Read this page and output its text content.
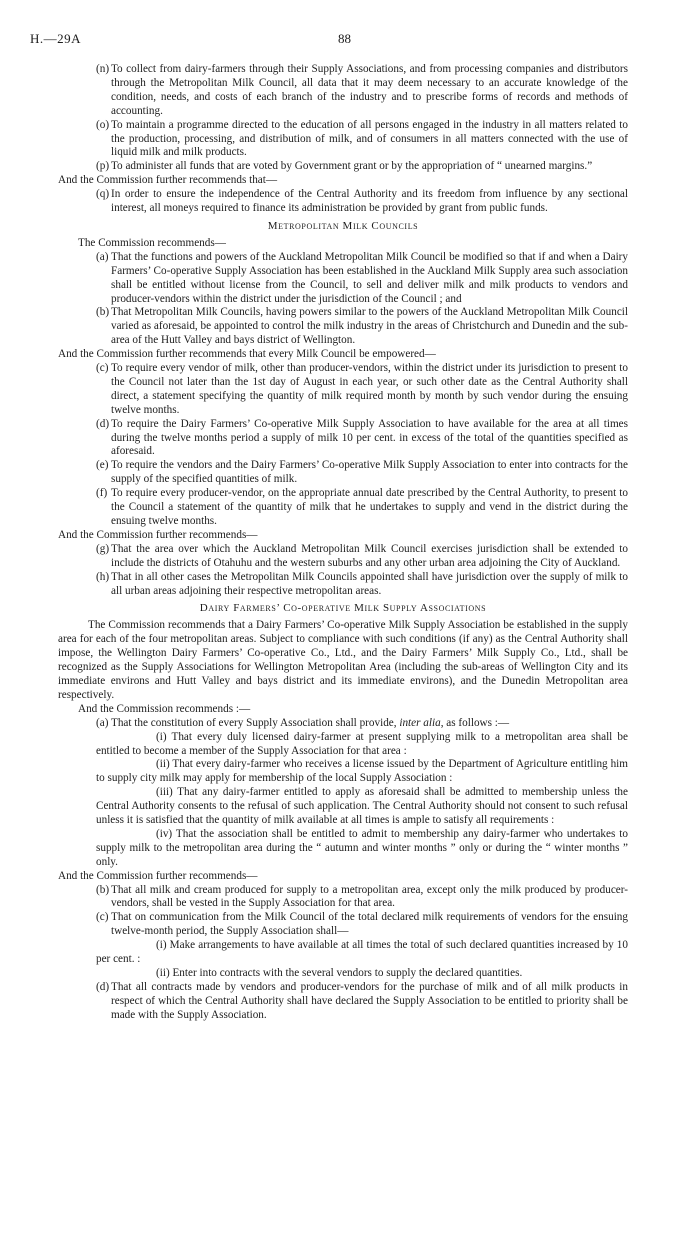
H.—29A	88
(n) To collect from dairy-farmers through their Supply Associations, and from processing companies and distributors through the Metropolitan Milk Council, all data that it may deem necessary to an accurate knowledge of the condition, needs, and costs of each branch of the industry and to prescribe forms of records and methods of accounting.
(o) To maintain a programme directed to the education of all persons engaged in the industry in all matters related to the production, processing, and distribution of milk, and of consumers in all matters connected with the use of liquid milk and milk products.
(p) To administer all funds that are voted by Government grant or by the appropriation of “ unearned margins.”
And the Commission further recommends that—
(q) In order to ensure the independence of the Central Authority and its freedom from influence by any sectional interest, all moneys required to finance its administration be provided by grant from public funds.
Metropolitan Milk Councils
The Commission recommends—
(a) That the functions and powers of the Auckland Metropolitan Milk Council be modified so that if and when a Dairy Farmers’ Co-operative Supply Association has been established in the Auckland Milk Supply area such association shall be entitled without license from the Council, to sell and deliver milk and milk products to vendors and producer-vendors within the district under the jurisdiction of the Council ; and
(b) That Metropolitan Milk Councils, having powers similar to the powers of the Auckland Metropolitan Milk Council varied as aforesaid, be appointed to control the milk industry in the areas of Christchurch and Dunedin and the sub-area of the Hutt Valley and bays district of Wellington.
And the Commission further recommends that every Milk Council be empowered—
(c) To require every vendor of milk, other than producer-vendors, within the district under its jurisdiction to present to the Council not later than the 1st day of August in each year, or such other date as the Central Authority shall direct, a statement specifying the quantity of milk required month by month by such vendor during the ensuing twelve months.
(d) To require the Dairy Farmers’ Co-operative Milk Supply Association to have available for the area at all times during the twelve months period a supply of milk 10 per cent. in excess of the total of the quantities specified as aforesaid.
(e) To require the vendors and the Dairy Farmers’ Co-operative Milk Supply Association to enter into contracts for the supply of the specified quantities of milk.
(f) To require every producer-vendor, on the appropriate annual date prescribed by the Central Authority, to present to the Council a statement of the quantity of milk that he undertakes to supply and vend in the district during the ensuing twelve months.
And the Commission further recommends—
(g) That the area over which the Auckland Metropolitan Milk Council exercises jurisdiction shall be extended to include the districts of Otahuhu and the western suburbs and any other urban area adjoining the City of Auckland.
(h) That in all other cases the Metropolitan Milk Councils appointed shall have jurisdiction over the supply of milk to all urban areas adjoining their respective metropolitan areas.
Dairy Farmers’ Co-operative Milk Supply Associations
The Commission recommends that a Dairy Farmers’ Co-operative Milk Supply Association be established in the supply area for each of the four metropolitan areas. Subject to compliance with such conditions (if any) as the Central Authority shall impose, the Wellington Dairy Farmers’ Co-operative Co., Ltd., and the Dairy Farmers’ Milk Supply Co., Ltd., shall be recognized as the Supply Associations for Wellington Metropolitan Area (including the sub-areas of Wellington City and its immediate environs and Hutt Valley and bays district and its immediate environs), and the Dunedin Metropolitan area respectively.
And the Commission recommends :—
(a) That the constitution of every Supply Association shall provide, inter alia, as follows :—
(i) That every duly licensed dairy-farmer at present supplying milk to a metropolitan area shall be entitled to become a member of the Supply Association for that area :
(ii) That every dairy-farmer who receives a license issued by the Department of Agriculture entitling him to supply city milk may apply for membership of the local Supply Association :
(iii) That any dairy-farmer entitled to apply as aforesaid shall be admitted to membership unless the Central Authority consents to the refusal of such application. The Central Authority should not consent to such refusal unless it is satisfied that the quantity of milk available at all times is ample to satisfy all requirements :
(iv) That the association shall be entitled to admit to membership any dairy-farmer who undertakes to supply milk to the metropolitan area during the “ autumn and winter months ” only or during the “ winter months ” only.
And the Commission further recommends—
(b) That all milk and cream produced for supply to a metropolitan area, except only the milk produced by producer-vendors, shall be vested in the Supply Association for that area.
(c) That on communication from the Milk Council of the total declared milk requirements of vendors for the ensuing twelve-month period, the Supply Association shall—
(i) Make arrangements to have available at all times the total of such declared quantities increased by 10 per cent. :
(ii) Enter into contracts with the several vendors to supply the declared quantities.
(d) That all contracts made by vendors and producer-vendors for the purchase of milk and of all milk products in respect of which the Central Authority shall have declared the Supply Association to be entitled to priority shall be made with the Supply Association.
